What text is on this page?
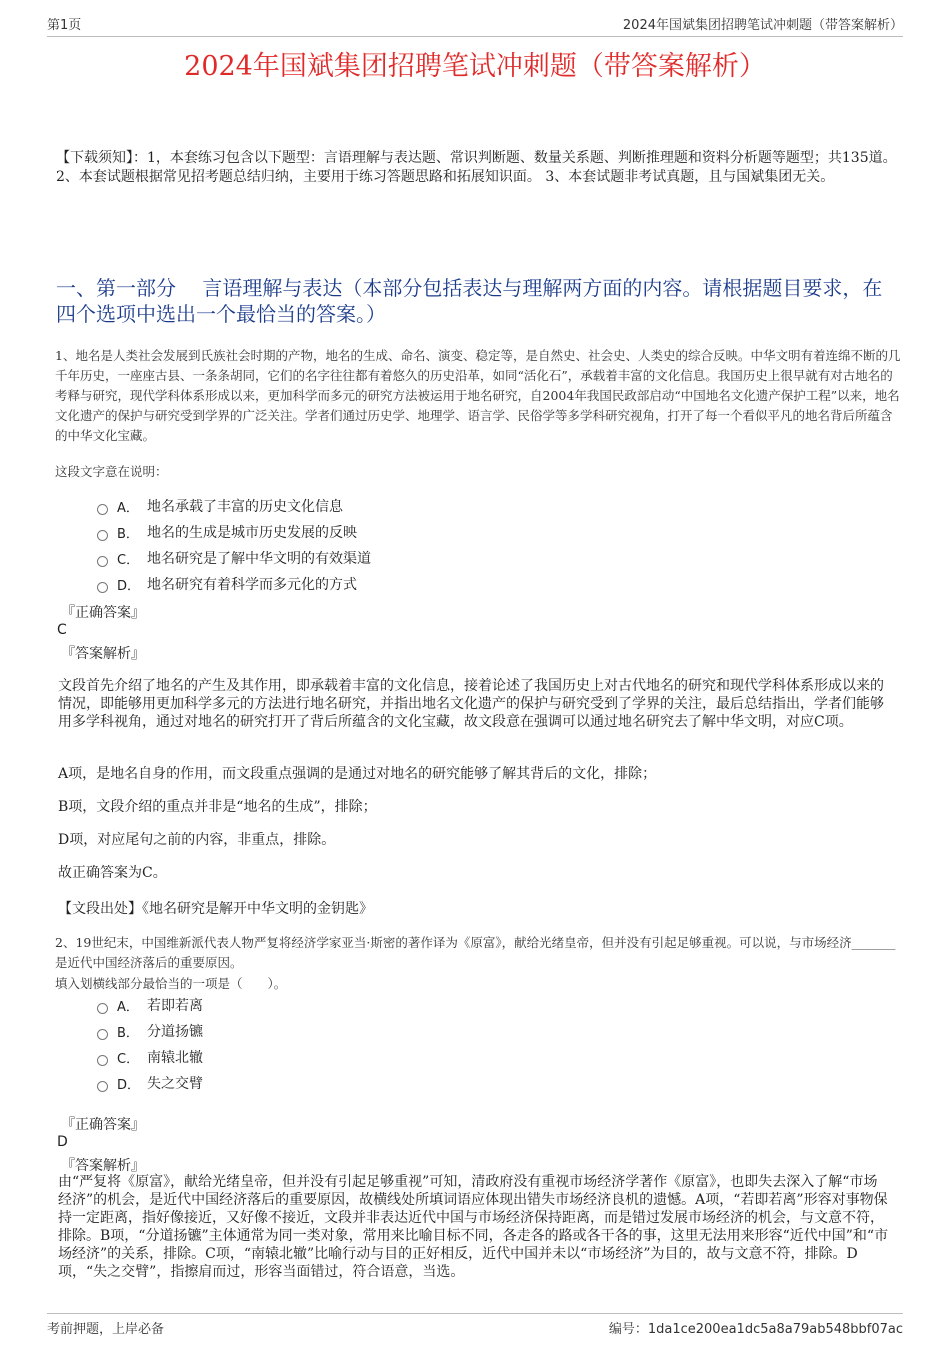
第1页	2024年国斌集团招聘笔试冲刺题（带答案解析）
2024年国斌集团招聘笔试冲刺题（带答案解析）
【下载须知】：1，本套练习包含以下题型：言语理解与表达题、常识判断题、数量关系题、判断推理题和资料分析题等题型；共135道。 2、本套试题根据常见招考题总结归纳，主要用于练习答题思路和拓展知识面。 3、本套试题非考试真题，且与国斌集团无关。
一、第一部分　 言语理解与表达（本部分包括表达与理解两方面的内容。请根据题目要求，在四个选项中选出一个最恰当的答案。）
1、地名是人类社会发展到氏族社会时期的产物，地名的生成、命名、演变、稳定等，是自然史、社会史、人类史的综合反映。中华文明有着连绵不断的几千年历史，一座座古县、一条条胡同，它们的名字往往都有着悠久的历史沿革，如同“活化石”，承载着丰富的文化信息。我国历史上很早就有对古地名的考释与研究，现代学科体系形成以来，更加科学而多元的研究方法被运用于地名研究，自2004年我国民政部启动“中国地名文化遗产保护工程”以来，地名文化遗产的保护与研究受到学界的广泛关注。学者们通过历史学、地理学、语言学、民俗学等多学科研究视角，打开了每一个看似平凡的地名背后所蕴含的中华文化宝藏。
这段文字意在说明：
A． 地名承载了丰富的历史文化信息
B． 地名的生成是城市历史发展的反映
C． 地名研究是了解中华文明的有效渠道
D． 地名研究有着科学而多元化的方式
『正确答案』
C
『答案解析』

文段首先介绍了地名的产生及其作用，即承载着丰富的文化信息，接着论述了我国历史上对古代地名的研究和现代学科体系形成以来的情况，即能够用更加科学多元的方法进行地名研究，并指出地名文化遗产的保护与研究受到了学界的关注，最后总结指出，学者们能够用多学科视角，通过对地名的研究打开了背后所蕴含的文化宝藏，故文段意在强调可以通过地名研究去了解中华文明，对应C项。

A项，是地名自身的作用，而文段重点强调的是通过对地名的研究能够了解其背后的文化，排除；

B项，文段介绍的重点并非是“地名的生成”，排除；

D项，对应尾句之前的内容，非重点，排除。

故正确答案为C。

【文段出处】《地名研究是解开中华文明的金钥匙》

2、19世纪末，中国维新派代表人物严复将经济学家亚当·斯密的著作译为《原富》，献给光绪皇帝，但并没有引起足够重视。可以说，与市场经济_______是近代中国经济落后的重要原因。
填入划横线部分最恰当的一项是（　　）。
A． 若即若离
B． 分道扬镳
C． 南辕北辙
D． 失之交臂
『正确答案』
D
『答案解析』

由“严复将《原富》，献给光绪皇帝，但并没有引起足够重视”可知，清政府没有重视市场经济学著作《原富》，也即失去深入了解“市场经济”的机会，是近代中国经济落后的重要原因，故横线处所填词语应体现出错失市场经济良机的遗憾。A项，“若即若离”形容对事物保持一定距离，指好像接近，又好像不接近，文段并非表达近代中国与市场经济保持距离，而是错过发展市场经济的机会，与文意不符，排除。B项，“分道扬镳”主体通常为同一类对象，常用来比喻目标不同，各走各的路或各干各的事，这里无法用来形容“近代中国”和“市场经济”的关系，排除。C项，“南辕北辙”比喻行动与目的正好相反，近代中国并未以“市场经济”为目的，故与文意不符，排除。D项，“失之交臂”，指擦肩而过，形容当面错过，符合语意，当选。

考前押题，上岸必备	编号：1da1ce200ea1dc5a8a79ab548bbf07ac
